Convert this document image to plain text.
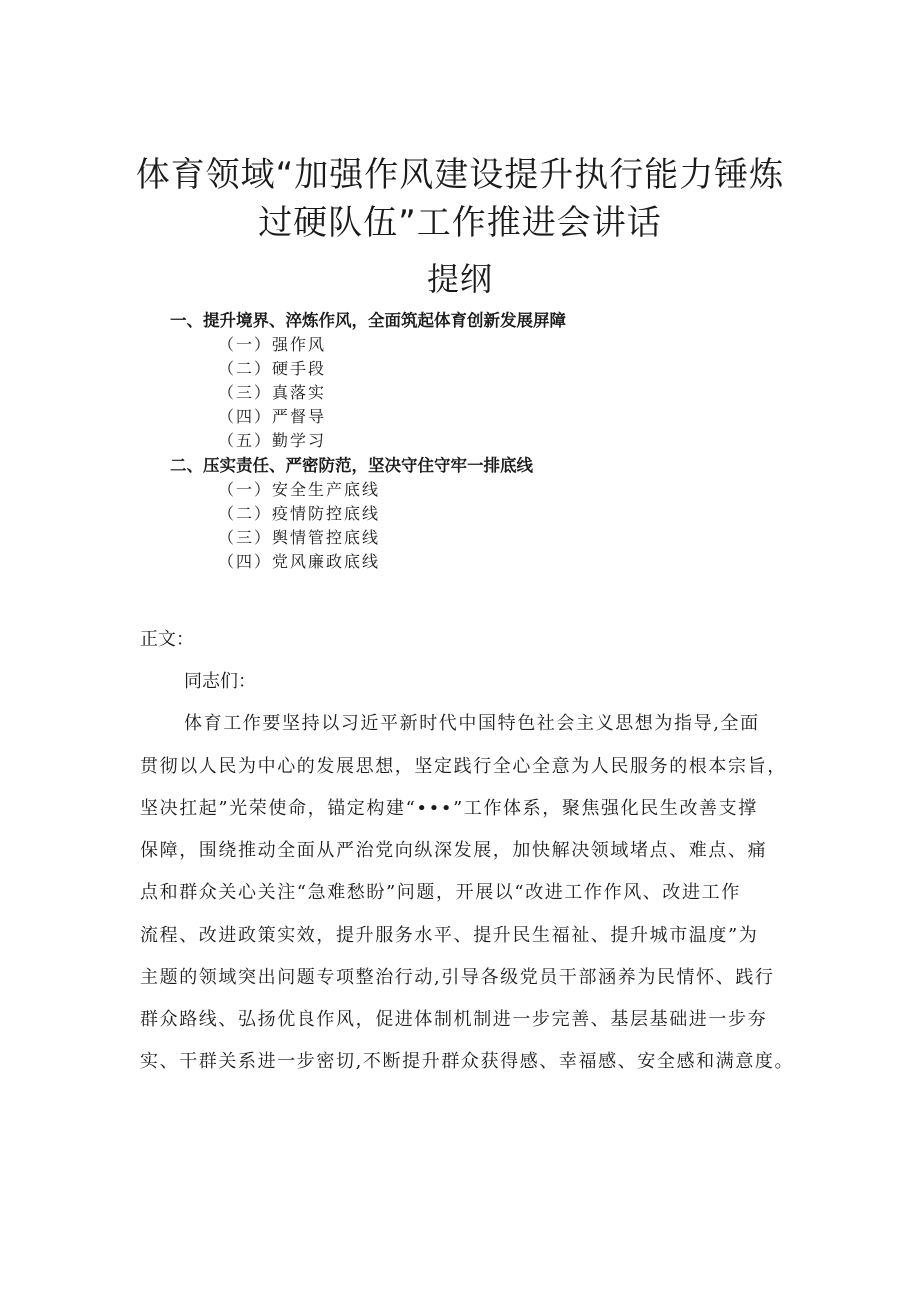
体育领域“加强作风建设提升执行能力锤炼
过硬队伍”工作推进会讲话
提纲
一、提升境界、淬炼作风，全面筑起体育创新发展屏障
（一）强作风
（二）硬手段
（三）真落实
（四）严督导
（五）勤学习
二、压实责任、严密防范，坚决守住守牢一排底线
（一）安全生产底线
（二）疫情防控底线
（三）舆情管控底线
（四）党风廉政底线
正文：
同志们：
体育工作要坚持以习近平新时代中国特色社会主义思想为指导,全面
贯彻以人民为中心的发展思想，坚定践行全心全意为人民服务的根本宗旨，
坚决扛起”光荣使命，锚定构建“•••”工作体系，聚焦强化民生改善支撑
保障，围绕推动全面从严治党向纵深发展，加快解决领域堵点、难点、痛
点和群众关心关注“急难愁盼”问题，开展以“改进工作作风、改进工作
流程、改进政策实效，提升服务水平、提升民生福祉、提升城市温度”为
主题的领域突出问题专项整治行动,引导各级党员干部涵养为民情怀、践行
群众路线、弘扬优良作风，促进体制机制进一步完善、基层基础进一步夯
实、干群关系进一步密切,不断提升群众获得感、幸福感、安全感和满意度。
